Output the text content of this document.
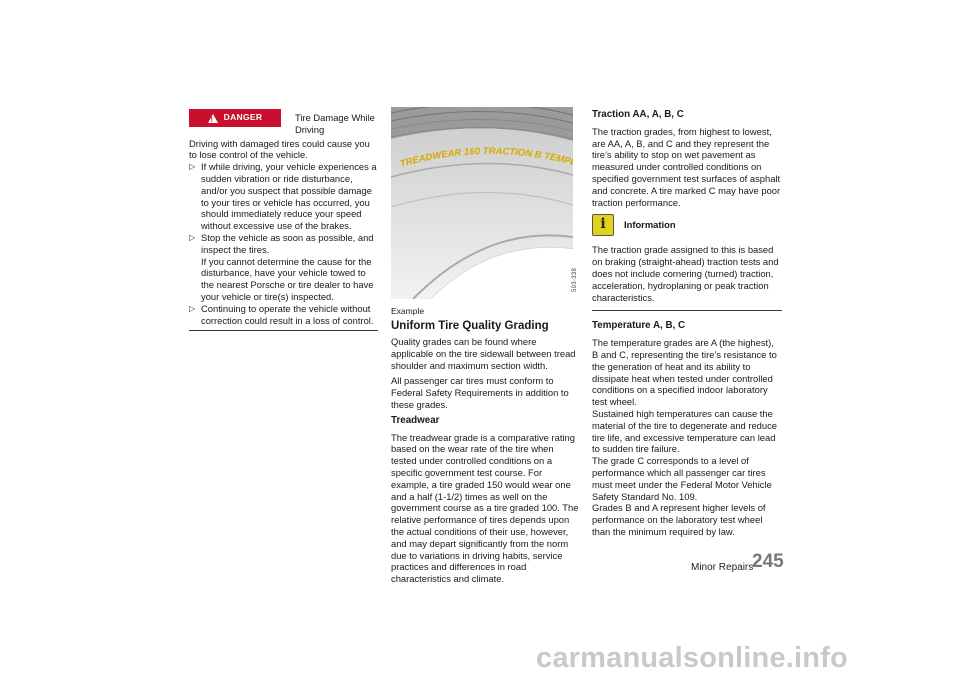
!
DANGER	Tire Damage While Driving
Driving with damaged tires could cause you to lose control of the vehicle.
▷ If while driving, your vehicle experiences a sudden vibration or ride disturbance, and/or you suspect that possible damage to your tires or vehicle has occurred, you should immediately reduce your speed without excessive use of the brakes.
▷ Stop the vehicle as soon as possible, and inspect the tires.
If you cannot determine the cause for the disturbance, have your vehicle towed to the nearest Porsche or tire dealer to have your vehicle or tire(s) inspected.
▷ Continuing to operate the vehicle without correction could result in a loss of control.
TREADWEAR 160 TRACTION B TEMP
593-338
Example
Uniform Tire Quality Grading

Quality grades can be found where applicable on the tire sidewall between tread shoulder and maximum section width.

All passenger car tires must conform to Federal Safety Requirements in addition to these grades.

Treadwear

The treadwear grade is a comparative rating based on the wear rate of the tire when tested under controlled conditions on a specific government test course. For example, a tire graded 150 would wear one and a half (1-1/2) times as well on the government course as a tire graded 100. The relative performance of tires depends upon the actual conditions of their use, however, and may depart significantly from the norm due to variations in driving habits, service practices and differences in road characteristics and climate.

Traction AA, A, B, C

The traction grades, from highest to lowest, are AA, A, B, and C and they represent the tire’s ability to stop on wet pavement as measured under controlled conditions on specified government test surfaces of asphalt and concrete. A tire marked C may have poor traction performance.

i	Information

The traction grade assigned to this is based on braking (straight-ahead) traction tests and does not include cornering (turned) traction, acceleration, hydroplaning or peak traction characteristics.

Temperature A, B, C

The temperature grades are A (the highest), B and C, representing the tire’s resistance to the generation of heat and its ability to dissipate heat when tested under controlled conditions on a specified indoor laboratory test wheel.
Sustained high temperatures can cause the material of the tire to degenerate and reduce tire life, and excessive temperature can lead to sudden tire failure.
The grade C corresponds to a level of performance which all passenger car tires must meet under the Federal Motor Vehicle Safety Standard No. 109.
Grades B and A represent higher levels of performance on the laboratory test wheel than the minimum required by law.

Minor Repairs
245
carmanualsonline.info
